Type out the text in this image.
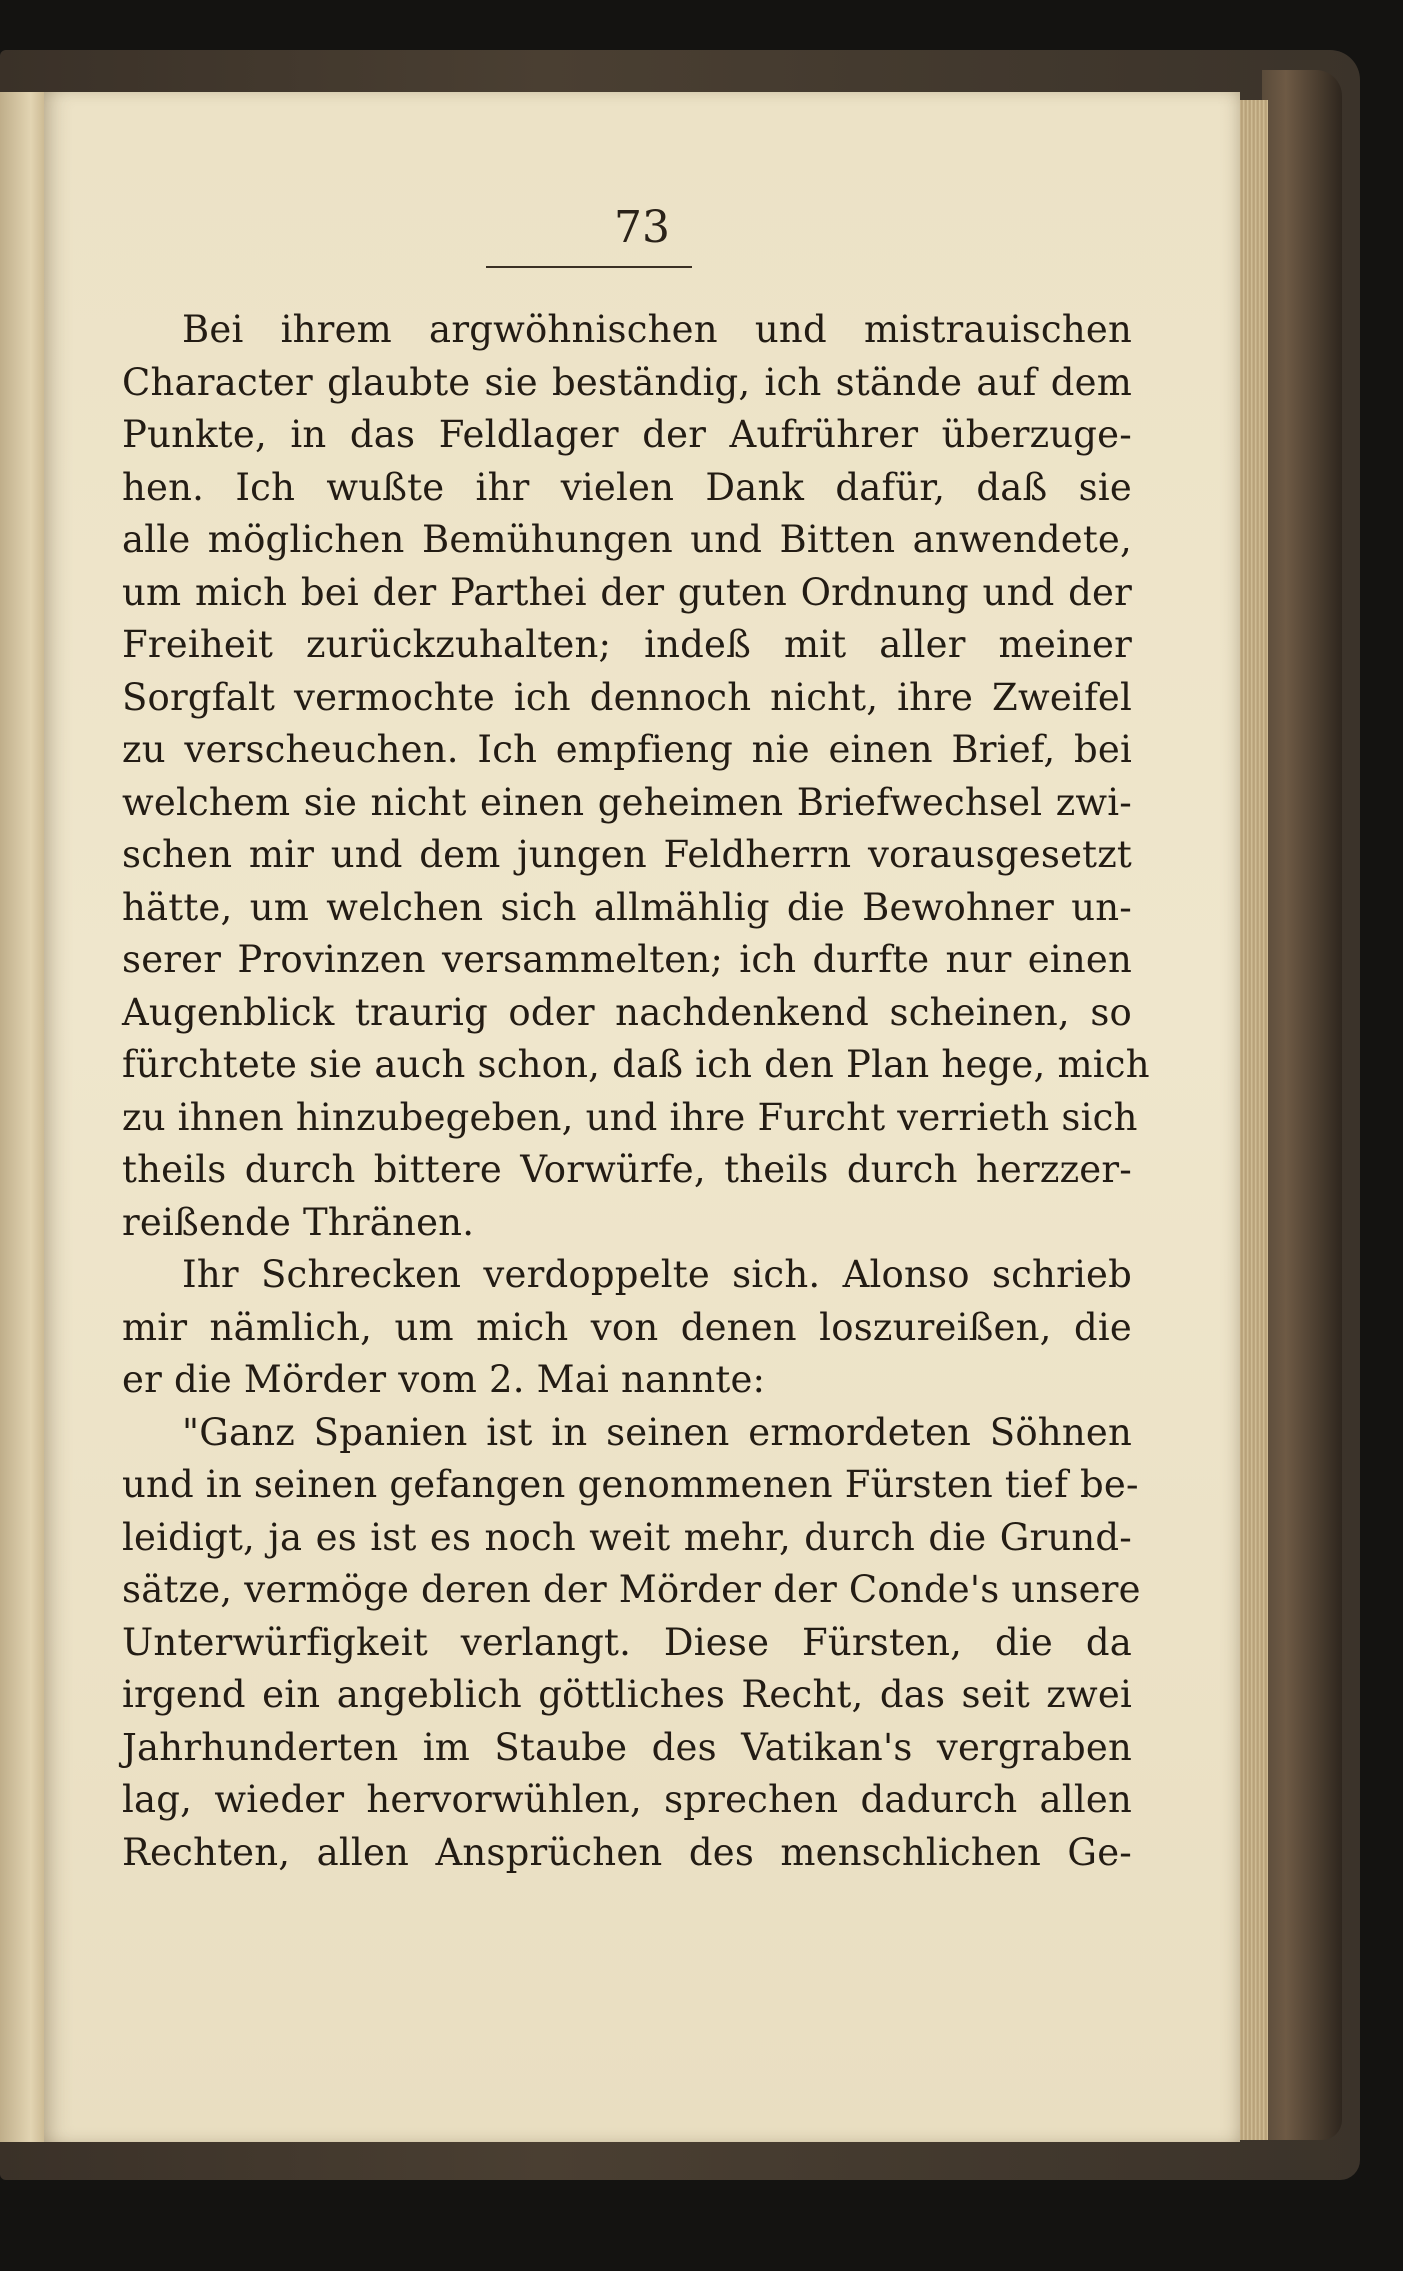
73
Bei ihrem argwöhnischen und mistrauischen
Character glaubte sie beständig, ich stände auf dem
Punkte, in das Feldlager der Aufrührer überzuge-
hen. Ich wußte ihr vielen Dank dafür, daß sie
alle möglichen Bemühungen und Bitten anwendete,
um mich bei der Parthei der guten Ordnung und der
Freiheit zurückzuhalten; indeß mit aller meiner
Sorgfalt vermochte ich dennoch nicht, ihre Zweifel
zu verscheuchen. Ich empfieng nie einen Brief, bei
welchem sie nicht einen geheimen Briefwechsel zwi-
schen mir und dem jungen Feldherrn vorausgesetzt
hätte, um welchen sich allmählig die Bewohner un-
serer Provinzen versammelten; ich durfte nur einen
Augenblick traurig oder nachdenkend scheinen, so
fürchtete sie auch schon, daß ich den Plan hege, mich
zu ihnen hinzubegeben, und ihre Furcht verrieth sich
theils durch bittere Vorwürfe, theils durch herzzer-
reißende Thränen.
Ihr Schrecken verdoppelte sich. Alonso schrieb
mir nämlich, um mich von denen loszureißen, die
er die Mörder vom 2. Mai nannte:
"Ganz Spanien ist in seinen ermordeten Söhnen
und in seinen gefangen genommenen Fürsten tief be-
leidigt, ja es ist es noch weit mehr, durch die Grund-
sätze, vermöge deren der Mörder der Conde's unsere
Unterwürfigkeit verlangt. Diese Fürsten, die da
irgend ein angeblich göttliches Recht, das seit zwei
Jahrhunderten im Staube des Vatikan's vergraben
lag, wieder hervorwühlen, sprechen dadurch allen
Rechten, allen Ansprüchen des menschlichen Ge-
